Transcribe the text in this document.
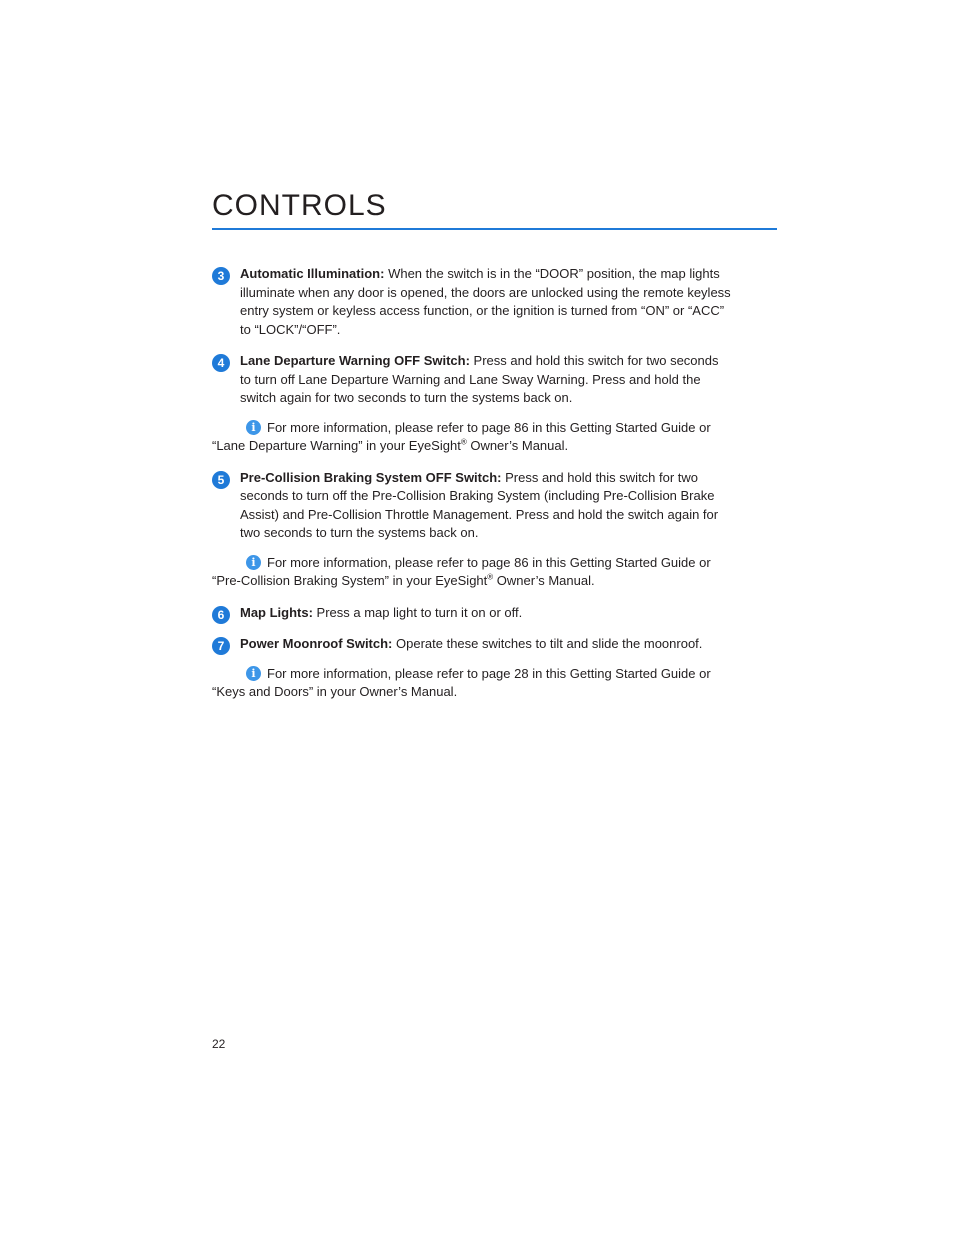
CONTROLS
3	Automatic Illumination: When the switch is in the “DOOR” position, the map lights illuminate when any door is opened, the doors are unlocked using the remote keyless entry system or keyless access function, or the ignition is turned from “ON” or “ACC” to “LOCK”/“OFF”.
4	Lane Departure Warning OFF Switch: Press and hold this switch for two seconds to turn off Lane Departure Warning and Lane Sway Warning. Press and hold the switch again for two seconds to turn the systems back on.
i For more information, please refer to page 86 in this Getting Started Guide or “Lane Departure Warning” in your EyeSight® Owner’s Manual.
5	Pre-Collision Braking System OFF Switch: Press and hold this switch for two seconds to turn off the Pre-Collision Braking System (including Pre-Collision Brake Assist) and Pre-Collision Throttle Management. Press and hold the switch again for two seconds to turn the systems back on.
i For more information, please refer to page 86 in this Getting Started Guide or “Pre-Collision Braking System” in your EyeSight® Owner’s Manual.
6	Map Lights: Press a map light to turn it on or off.
7	Power Moonroof Switch: Operate these switches to tilt and slide the moonroof.
i For more information, please refer to page 28 in this Getting Started Guide or “Keys and Doors” in your Owner’s Manual.
22
